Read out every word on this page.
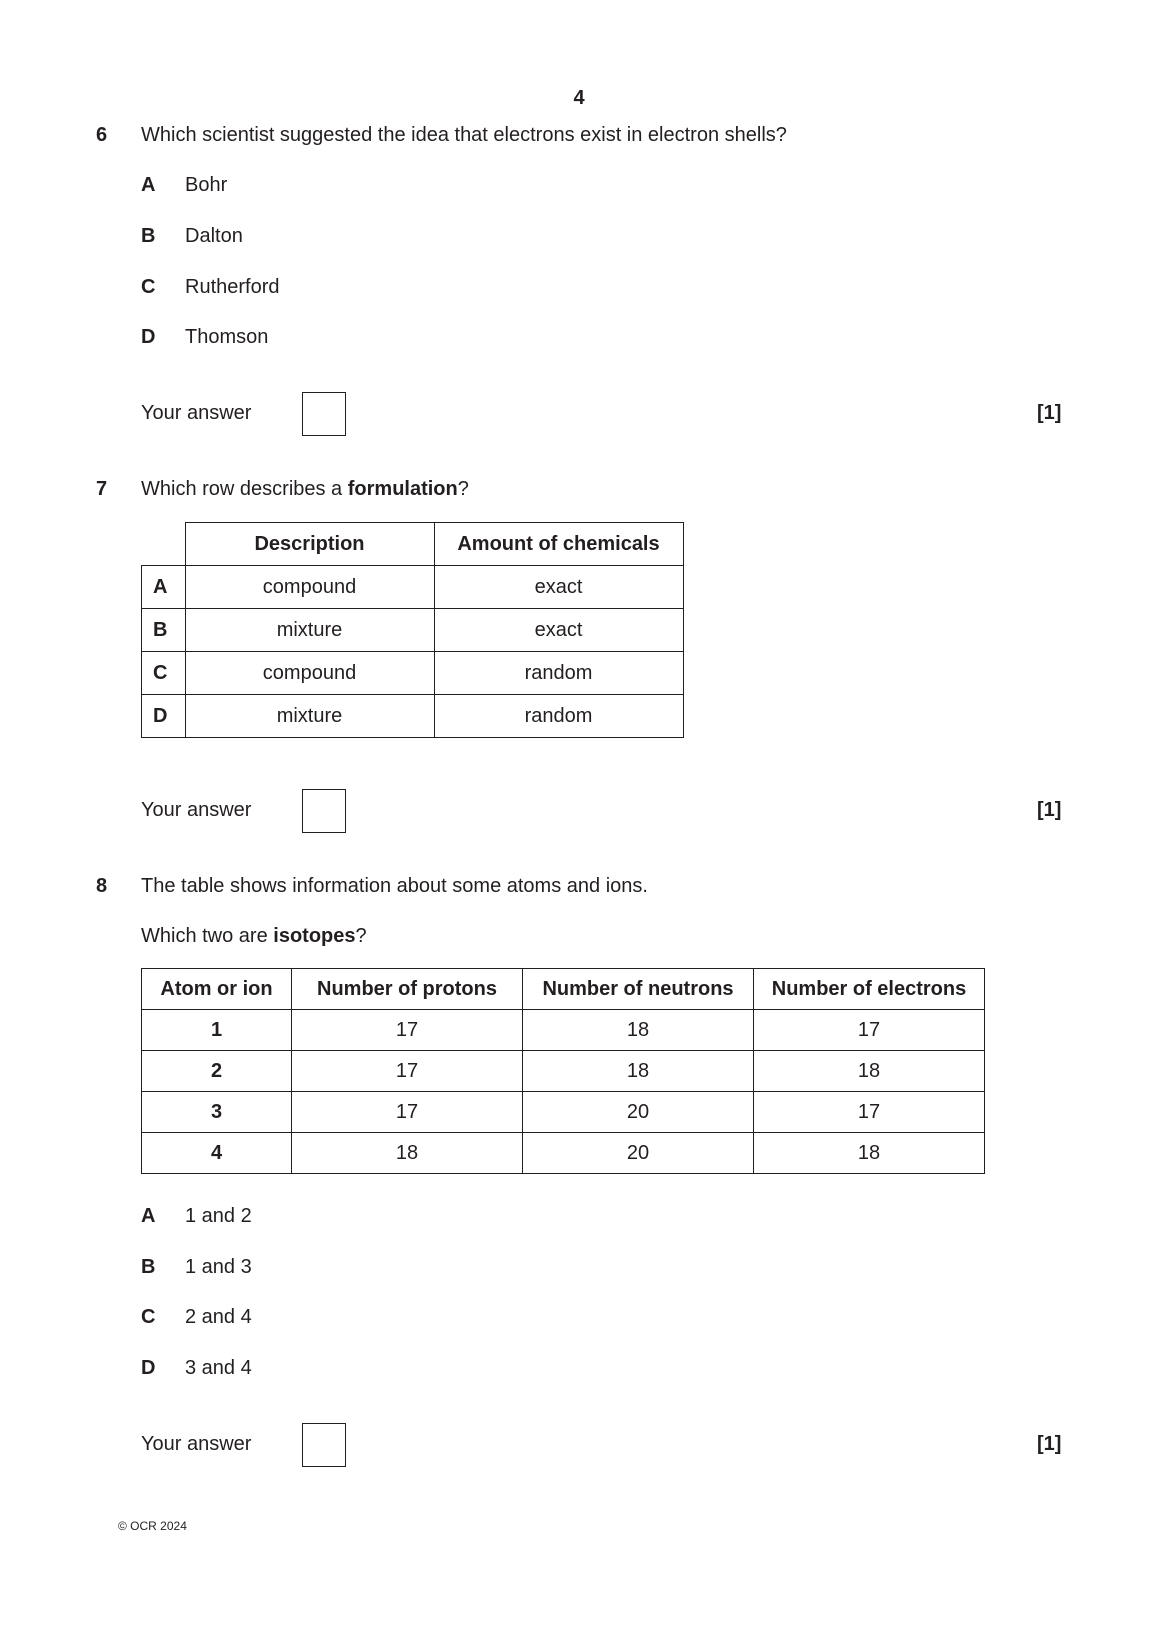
4
6 Which scientist suggested the idea that electrons exist in electron shells?
A Bohr
B Dalton
C Rutherford
D Thomson
Your answer	[1]
7 Which row describes a formulation?
	Description	Amount of chemicals
A	compound	exact
B	mixture	exact
C	compound	random
D	mixture	random
Your answer	[1]
8 The table shows information about some atoms and ions.
Which two are isotopes?
Atom or ion	Number of protons	Number of neutrons	Number of electrons
1	17	18	17
2	17	18	18
3	17	20	17
4	18	20	18
A 1 and 2
B 1 and 3
C 2 and 4
D 3 and 4
Your answer	[1]
© OCR 2024
